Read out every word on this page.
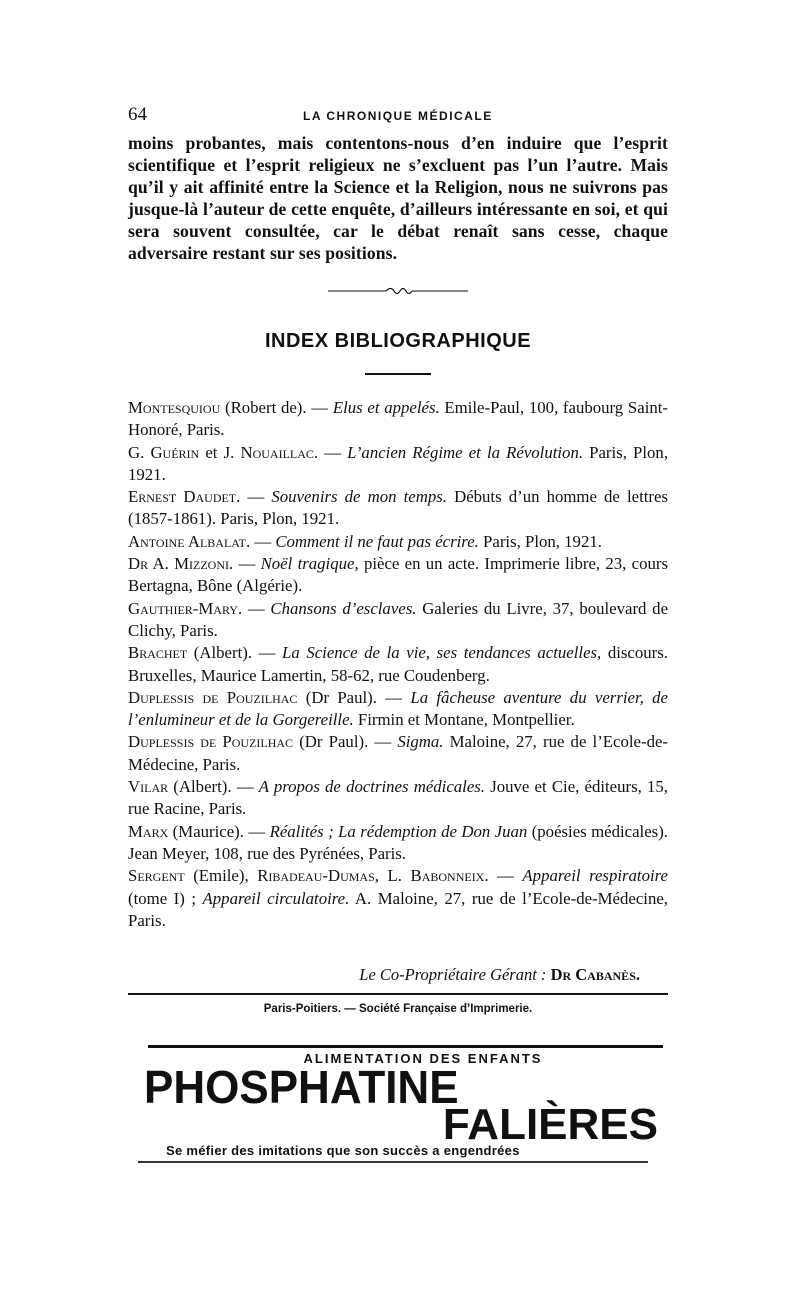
64	LA CHRONIQUE MÉDICALE

moins probantes, mais contentons-nous d’en induire que l’esprit scientifique et l’esprit religieux ne s’excluent pas l’un l’autre. Mais qu’il y ait affinité entre la Science et la Religion, nous ne suivrons pas jusque-là l’auteur de cette enquête, d’ailleurs intéressante en soi, et qui sera souvent consultée, car le débat renaît sans cesse, chaque adversaire restant sur ses positions.

INDEX BIBLIOGRAPHIQUE

Montesquiou (Robert de). — Elus et appelés. Emile-Paul, 100, faubourg Saint-Honoré, Paris.

G. Guérin et J. Nouaillac. — L’ancien Régime et la Révolution. Paris, Plon, 1921.

Ernest Daudet. — Souvenirs de mon temps. Débuts d’un homme de lettres (1857-1861). Paris, Plon, 1921.

Antoine Albalat. — Comment il ne faut pas écrire. Paris, Plon, 1921.

Dr A. Mizzoni. — Noël tragique, pièce en un acte. Imprimerie libre, 23, cours Bertagna, Bône (Algérie).

Gauthier-Mary. — Chansons d’esclaves. Galeries du Livre, 37, boulevard de Clichy, Paris.

Brachet (Albert). — La Science de la vie, ses tendances actuelles, discours. Bruxelles, Maurice Lamertin, 58-62, rue Coudenberg.

Duplessis de Pouzilhac (Dr Paul). — La fâcheuse aventure du verrier, de l’enlumineur et de la Gorgereille. Firmin et Montane, Montpellier.

Duplessis de Pouzilhac (Dr Paul). — Sigma. Maloine, 27, rue de l’Ecole-de-Médecine, Paris.

Vilar (Albert). — A propos de doctrines médicales. Jouve et Cie, éditeurs, 15, rue Racine, Paris.

Marx (Maurice). — Réalités ; La rédemption de Don Juan (poésies médicales). Jean Meyer, 108, rue des Pyrénées, Paris.

Sergent (Emile), Ribadeau-Dumas, L. Babonneix. — Appareil respiratoire (tome I) ; Appareil circulatoire. A. Maloine, 27, rue de l’Ecole-de-Médecine, Paris.

Le Co-Propriétaire Gérant : Dr Cabanès.
Paris-Poitiers. — Société Française d’Imprimerie.
ALIMENTATION DES ENFANTS
PHOSPHATINE
FALIÈRES
Se méfier des imitations que son succès a engendrées
